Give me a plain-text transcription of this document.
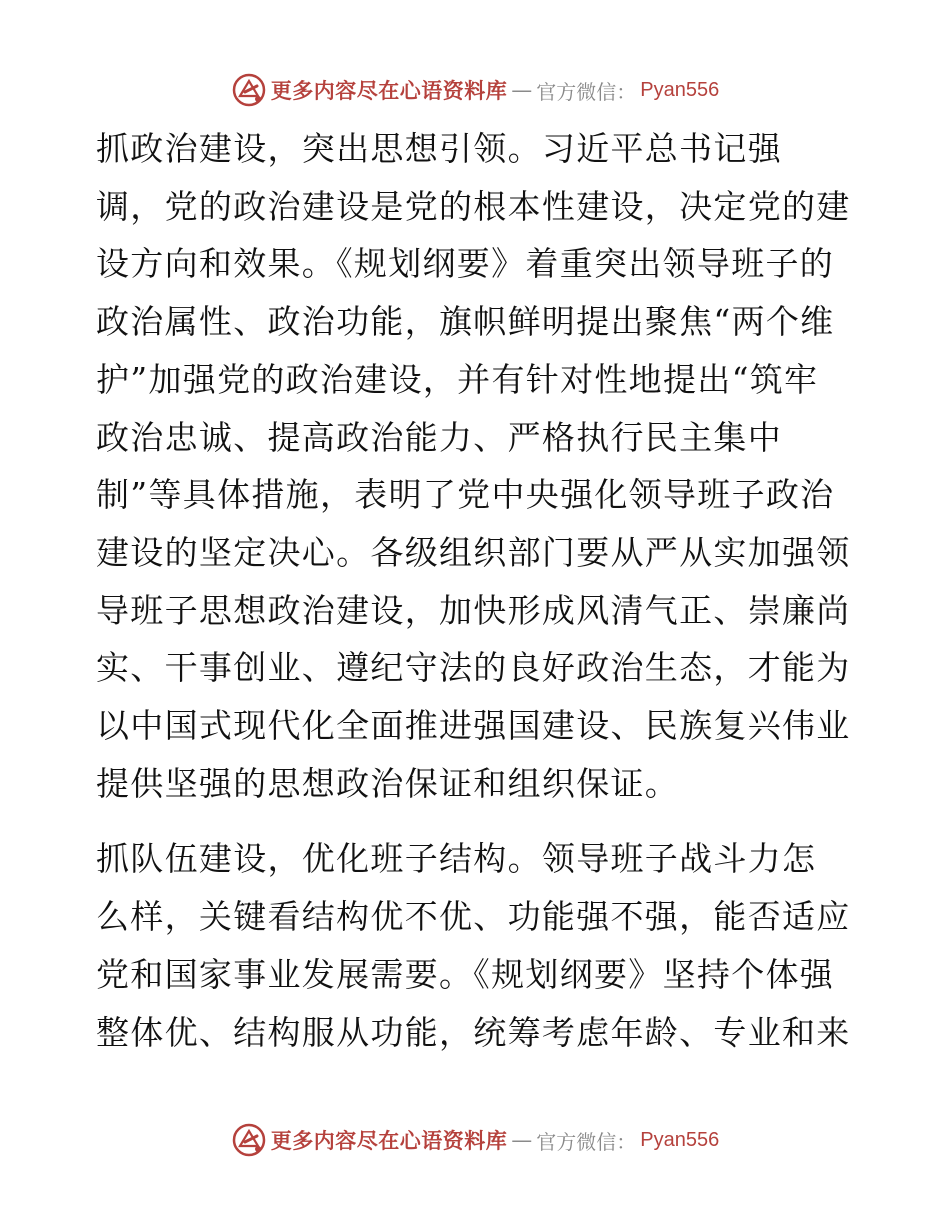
更多内容尽在心语资料库 — 官方微信： Pyan556
抓政治建设，突出思想引领。习近平总书记强
调，党的政治建设是党的根本性建设，决定党的建
设方向和效果。《规划纲要》着重突出领导班子的
政治属性、政治功能，旗帜鲜明提出聚焦“两个维
护”加强党的政治建设，并有针对性地提出“筑牢
政治忠诚、提高政治能力、严格执行民主集中
制”等具体措施，表明了党中央强化领导班子政治
建设的坚定决心。各级组织部门要从严从实加强领
导班子思想政治建设，加快形成风清气正、崇廉尚
实、干事创业、遵纪守法的良好政治生态，才能为
以中国式现代化全面推进强国建设、民族复兴伟业
提供坚强的思想政治保证和组织保证。
抓队伍建设，优化班子结构。领导班子战斗力怎
么样，关键看结构优不优、功能强不强，能否适应
党和国家事业发展需要。《规划纲要》坚持个体强
整体优、结构服从功能，统筹考虑年龄、专业和来
更多内容尽在心语资料库 — 官方微信： Pyan556
